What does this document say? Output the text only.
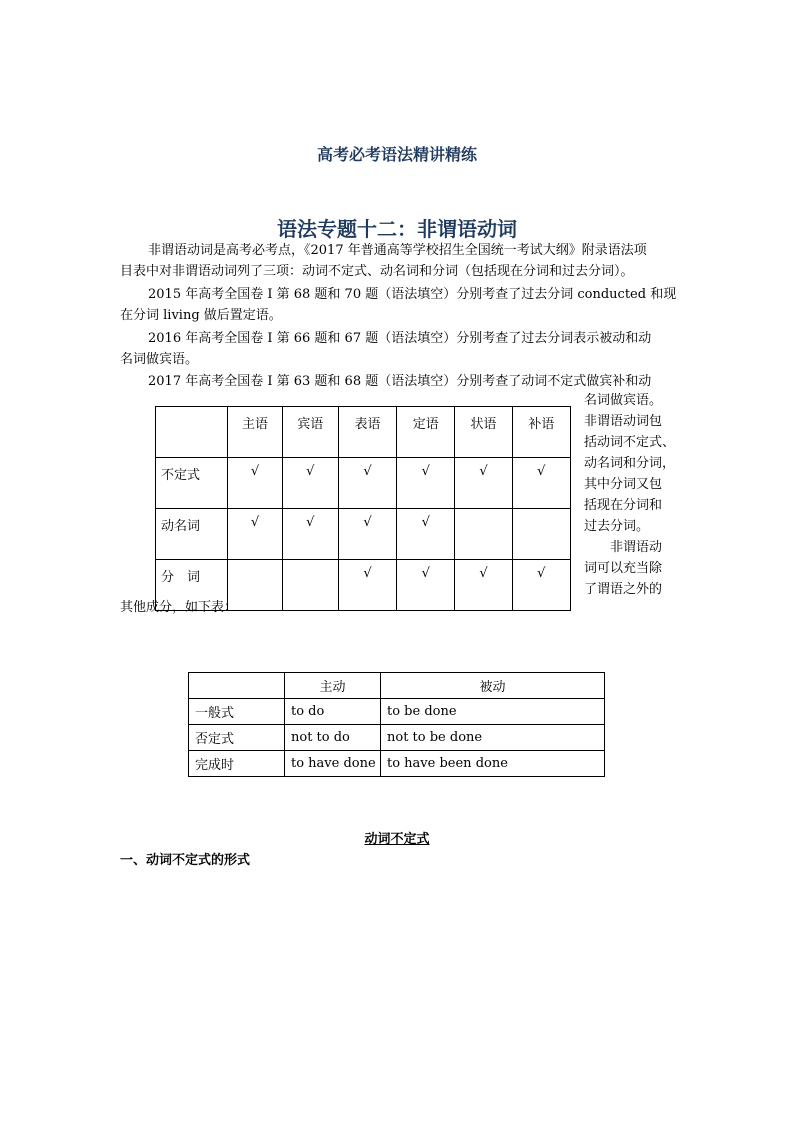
高考必考语法精讲精练
语法专题十二：非谓语动词
非谓语动词是高考必考点，《2017 年普通高等学校招生全国统一考试大纲》附录语法项
目表中对非谓语动词列了三项：动词不定式、动名词和分词（包括现在分词和过去分词）。
2015 年高考全国卷 I 第 68 题和 70 题（语法填空）分别考查了过去分词 conducted 和现
在分词 living 做后置定语。
2016 年高考全国卷 I 第 66 题和 67 题（语法填空）分别考查了过去分词表示被动和动
名词做宾语。
2017 年高考全国卷 I 第 63 题和 68 题（语法填空）分别考查了动词不定式做宾补和动
名词做宾语。
非谓语动词包
括动词不定式、
动名词和分词，
其中分词又包
括现在分词和
过去分词。
　　非谓语动
词可以充当除
了谓语之外的
	主语	宾语	表语	定语	状语	补语
不定式	√	√	√	√	√	√
动名词	√	√	√	√		
分　词			√	√	√	√
其他成分，如下表：
	主动	被动
一般式	to do	to be done
否定式	not to do	not to be done
完成时	to have done	to have been done
动词不定式
一、动词不定式的形式
